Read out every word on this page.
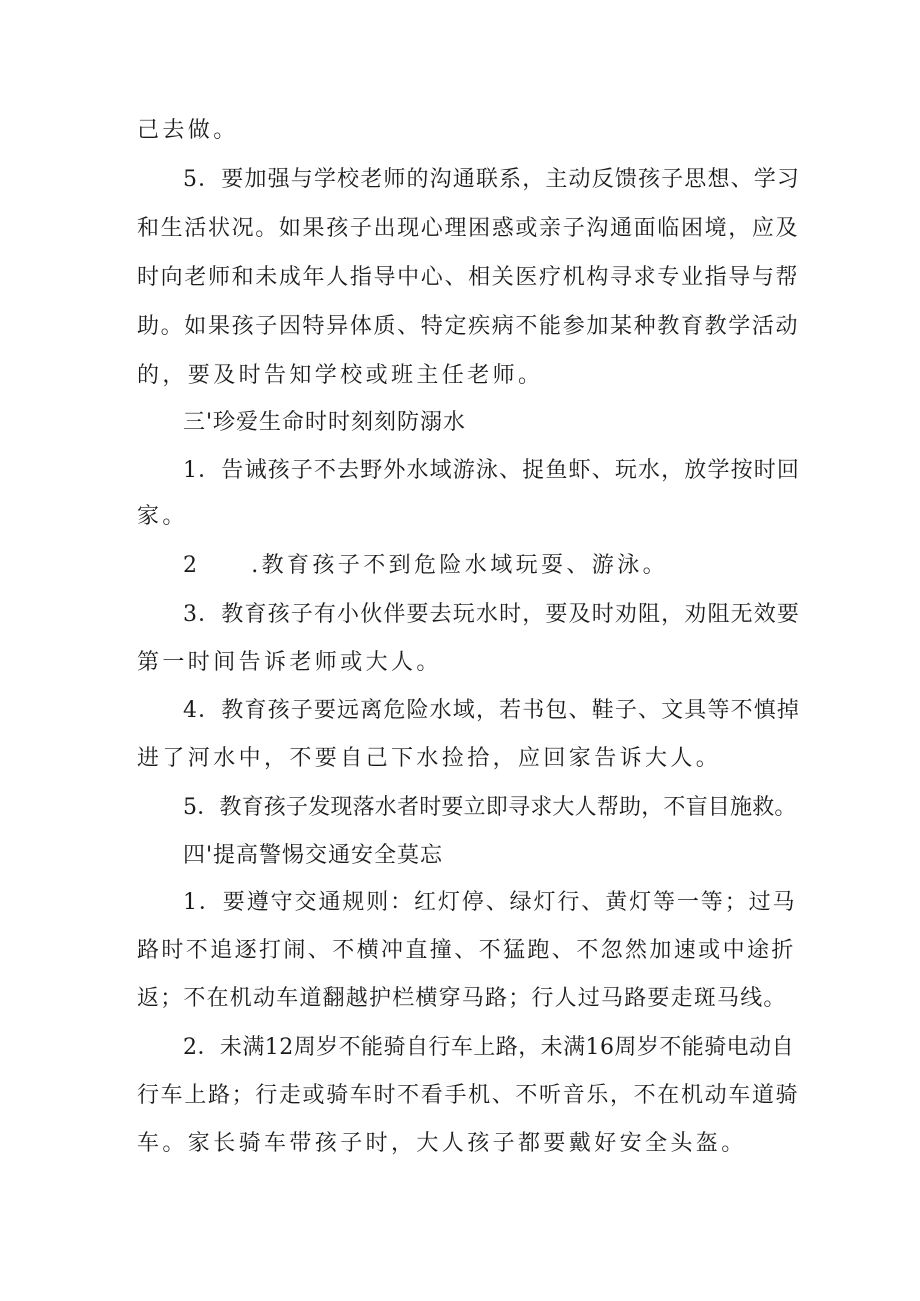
己去做。
5．要加强与学校老师的沟通联系，主动反馈孩子思想、学习
和生活状况。如果孩子出现心理困惑或亲子沟通面临困境，应及
时向老师和未成年人指导中心、相关医疗机构寻求专业指导与帮
助。如果孩子因特异体质、特定疾病不能参加某种教育教学活动
的，要及时告知学校或班主任老师。
三'珍爱生命时时刻刻防溺水
1．告诫孩子不去野外水域游泳、捉鱼虾、玩水，放学按时回
家。
2　　.教育孩子不到危险水域玩耍、游泳。
3．教育孩子有小伙伴要去玩水时，要及时劝阻，劝阻无效要
第一时间告诉老师或大人。
4．教育孩子要远离危险水域，若书包、鞋子、文具等不慎掉
进了河水中，不要自己下水捡拾，应回家告诉大人。
5．教育孩子发现落水者时要立即寻求大人帮助，不盲目施救。
四'提高警惕交通安全莫忘
1．要遵守交通规则：红灯停、绿灯行、黄灯等一等；过马
路时不追逐打闹、不横冲直撞、不猛跑、不忽然加速或中途折
返；不在机动车道翻越护栏横穿马路；行人过马路要走斑马线。
2．未满12周岁不能骑自行车上路，未满16周岁不能骑电动自
行车上路；行走或骑车时不看手机、不听音乐，不在机动车道骑
车。家长骑车带孩子时，大人孩子都要戴好安全头盔。
